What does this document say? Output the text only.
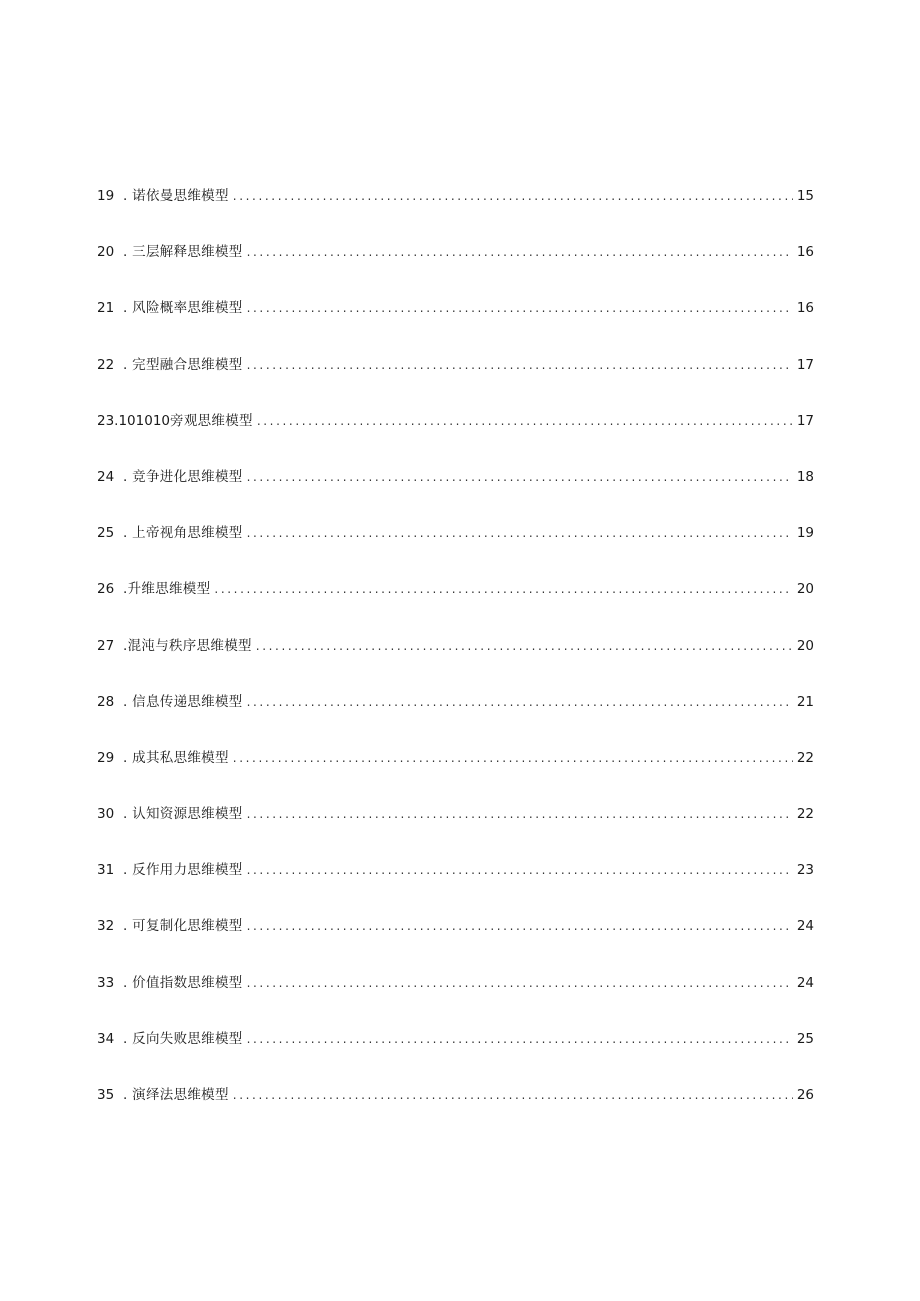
19 . 诺依曼思维模型 .....	15
20 . 三层解释思维模型 .....	16
21 . 风险概率思维模型 .....	16
22 . 完型融合思维模型 .....	17
23.101010 旁观思维模型 .....	17
24 . 竞争进化思维模型 .....	18
25 . 上帝视角思维模型 .....	19
26 .升维思维模型 .....	20
27 .混沌与秩序思维模型 .....	20
28 . 信息传递思维模型 .....	21
29 . 成其私思维模型 .....	22
30 . 认知资源思维模型 .....	22
31 . 反作用力思维模型 .....	23
32 . 可复制化思维模型 .....	24
33 . 价值指数思维模型 .....	24
34 . 反向失败思维模型 .....	25
35 . 演绎法思维模型 .....	26
